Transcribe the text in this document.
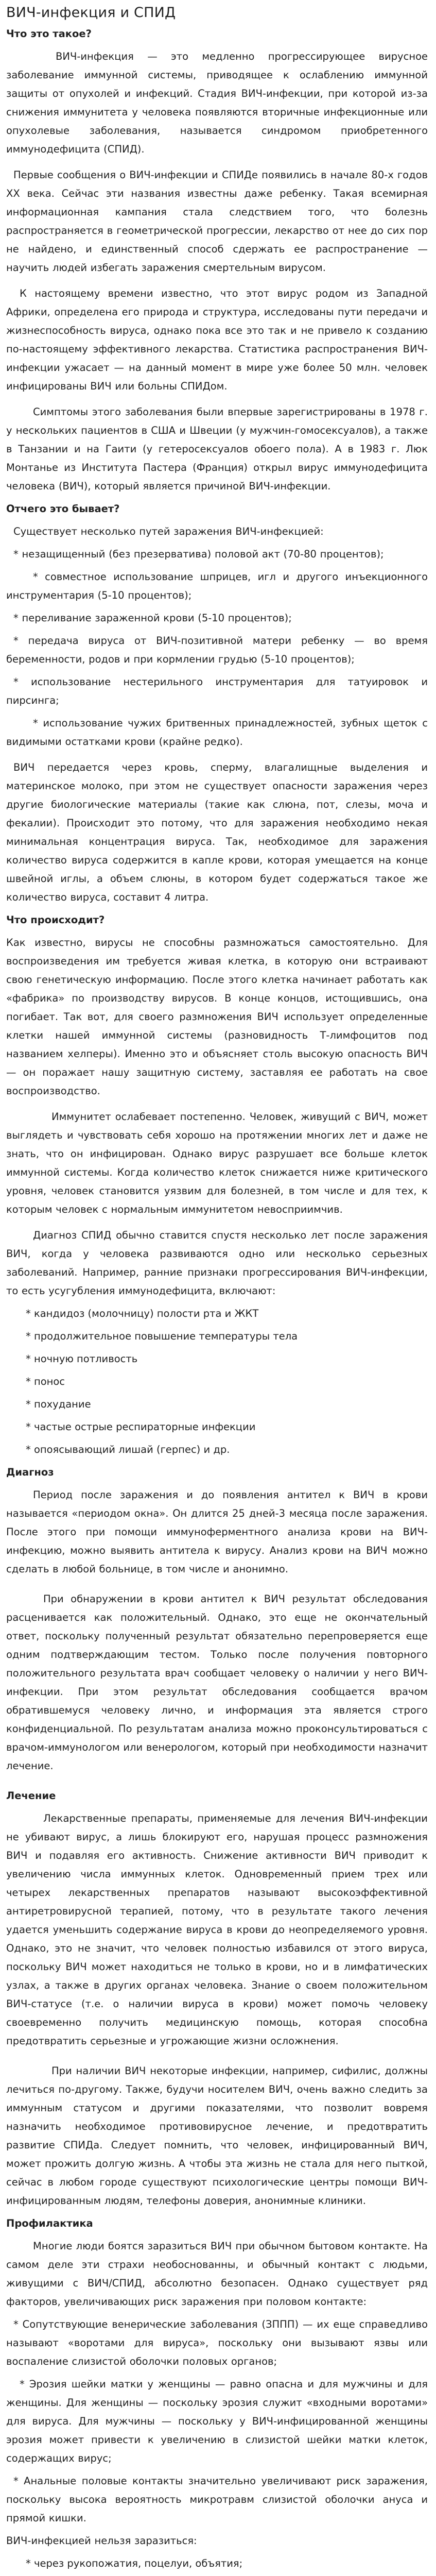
ВИЧ-инфекция и СПИД
Что это такое?

ВИЧ-инфекция — это медленно прогрессирующее вирусное заболевание иммунной системы, приводящее к ослаблению иммунной защиты от опухолей и инфекций. Стадия ВИЧ-инфекции, при которой из-за снижения иммунитета у человека появляются вторичные инфекционные или опухолевые заболевания, называется синдромом приобретенного иммунодефицита (СПИД).

Первые сообщения о ВИЧ-инфекции и СПИДе появились в начале 80-х годов XX века. Сейчас эти названия известны даже ребенку. Такая всемирная информационная кампания стала следствием того, что болезнь распространяется в геометрической прогрессии, лекарство от нее до сих пор не найдено, и единственный способ сдержать ее распространение — научить людей избегать заражения смертельным вирусом.

К настоящему времени известно, что этот вирус родом из Западной Африки, определена его природа и структура, исследованы пути передачи и жизнеспособность вируса, однако пока все это так и не привело к созданию по-настоящему эффективного лекарства. Статистика распространения ВИЧ-инфекции ужасает — на данный момент в мире уже более 50 млн. человек инфицированы ВИЧ или больны СПИДом.

Симптомы этого заболевания были впервые зарегистрированы в 1978 г. у нескольких пациентов в США и Швеции (у мужчин-гомосексуалов), а также в Танзании и на Гаити (у гетеросексуалов обоего пола). А в 1983 г. Люк Монтанье из Института Пастера (Франция) открыл вирус иммунодефицита человека (ВИЧ), который является причиной ВИЧ-инфекции.

Отчего это бывает?

Существует несколько путей заражения ВИЧ-инфекцией:

* незащищенный (без презерватива) половой акт (70-80 процентов);

* совместное использование шприцев, игл и другого инъекционного инструментария (5-10 процентов);

* переливание зараженной крови (5-10 процентов);

* передача вируса от ВИЧ-позитивной матери ребенку — во время беременности, родов и при кормлении грудью (5-10 процентов);

* использование нестерильного инструментария для татуировок и пирсинга;

* использование чужих бритвенных принадлежностей, зубных щеток с видимыми остатками крови (крайне редко).

ВИЧ передается через кровь, сперму, влагалищные выделения и материнское молоко, при этом не существует опасности заражения через другие биологические материалы (такие как слюна, пот, слезы, моча и фекалии). Происходит это потому, что для заражения необходимо некая минимальная концентрация вируса. Так, необходимое для заражения количество вируса содержится в капле крови, которая умещается на конце швейной иглы, а объем слюны, в котором будет содержаться такое же количество вируса, составит 4 литра.

Что происходит?

Как известно, вирусы не способны размножаться самостоятельно. Для воспроизведения им требуется живая клетка, в которую они встраивают свою генетическую информацию. После этого клетка начинает работать как «фабрика» по производству вирусов. В конце концов, истощившись, она погибает. Так вот, для своего размножения ВИЧ использует определенные клетки нашей иммунной системы (разновидность Т-лимфоцитов под названием хелперы). Именно это и объясняет столь высокую опасность ВИЧ — он поражает нашу защитную систему, заставляя ее работать на свое воспроизводство.

Иммунитет ослабевает постепенно. Человек, живущий с ВИЧ, может выглядеть и чувствовать себя хорошо на протяжении многих лет и даже не знать, что он инфицирован. Однако вирус разрушает все больше клеток иммунной системы. Когда количество клеток снижается ниже критического уровня, человек становится уязвим для болезней, в том числе и для тех, к которым человек с нормальным иммунитетом невосприимчив.

Диагноз СПИД обычно ставится спустя несколько лет после заражения ВИЧ, когда у человека развиваются одно или несколько серьезных заболеваний. Например, ранние признаки прогрессирования ВИЧ-инфекции, то есть усугубления иммунодефицита, включают:

* кандидоз (молочницу) полости рта и ЖКТ

* продолжительное повышение температуры тела

* ночную потливость

* понос

* похудание

* частые острые респираторные инфекции

* опоясывающий лишай (герпес) и др.

Диагноз

Период после заражения и до появления антител к ВИЧ в крови называется «периодом окна». Он длится 25 дней-3 месяца после заражения. После этого при помощи иммуноферментного анализа крови на ВИЧ-инфекцию, можно выявить антитела к вирусу. Анализ крови на ВИЧ можно сделать в любой больнице, в том числе и анонимно.

При обнаружении в крови антител к ВИЧ результат обследования расценивается как положительный. Однако, это еще не окончательный ответ, поскольку полученный результат обязательно перепроверяется еще одним подтверждающим тестом. Только после получения повторного положительного результата врач сообщает человеку о наличии у него ВИЧ-инфекции. При этом результат обследования сообщается врачом обратившемуся человеку лично, и информация эта является строго конфиденциальной. По результатам анализа можно проконсультироваться с врачом-иммунологом или венерологом, который при необходимости назначит лечение.

Лечение

Лекарственные препараты, применяемые для лечения ВИЧ-инфекции не убивают вирус, а лишь блокируют его, нарушая процесс размножения ВИЧ и подавляя его активность. Снижение активности ВИЧ приводит к увеличению числа иммунных клеток. Одновременный прием трех или четырех лекарственных препаратов называют высокоэффективной антиретровирусной терапией, потому, что в результате такого лечения удается уменьшить содержание вируса в крови до неопределяемого уровня. Однако, это не значит, что человек полностью избавился от этого вируса, поскольку ВИЧ может находиться не только в крови, но и в лимфатических узлах, а также в других органах человека. Знание о своем положительном ВИЧ-статусе (т.е. о наличии вируса в крови) может помочь человеку своевременно получить медицинскую помощь, которая способна предотвратить серьезные и угрожающие жизни осложнения.

При наличии ВИЧ некоторые инфекции, например, сифилис, должны лечиться по-другому. Также, будучи носителем ВИЧ, очень важно следить за иммунным статусом и другими показателями, что позволит вовремя назначить необходимое противовирусное лечение, и предотвратить развитие СПИДа. Следует помнить, что человек, инфицированный ВИЧ, может прожить долгую жизнь. А чтобы эта жизнь не стала для него пыткой, сейчас в любом городе существуют психологические центры помощи ВИЧ-инфицированным людям, телефоны доверия, анонимные клиники.

Профилактика

Многие люди боятся заразиться ВИЧ при обычном бытовом контакте. На самом деле эти страхи необоснованны, и обычный контакт с людьми, живущими с ВИЧ/СПИД, абсолютно безопасен. Однако существует ряд факторов, увеличивающих риск заражения при половом контакте:

* Сопутствующие венерические заболевания (ЗППП) — их еще справедливо называют «воротами для вируса», поскольку они вызывают язвы или воспаление слизистой оболочки половых органов;

* Эрозия шейки матки у женщины — равно опасна и для мужчины и для женщины. Для женщины — поскольку эрозия служит «входными воротами» для вируса. Для мужчины — поскольку у ВИЧ-инфицированной женщины эрозия может привести к увеличению в слизистой шейки матки клеток, содержащих вирус;

* Анальные половые контакты значительно увеличивают риск заражения, поскольку высока вероятность микротравм слизистой оболочки ануса и прямой кишки.

ВИЧ-инфекцией нельзя заразиться:

* через рукопожатия, поцелуи, объятия;
